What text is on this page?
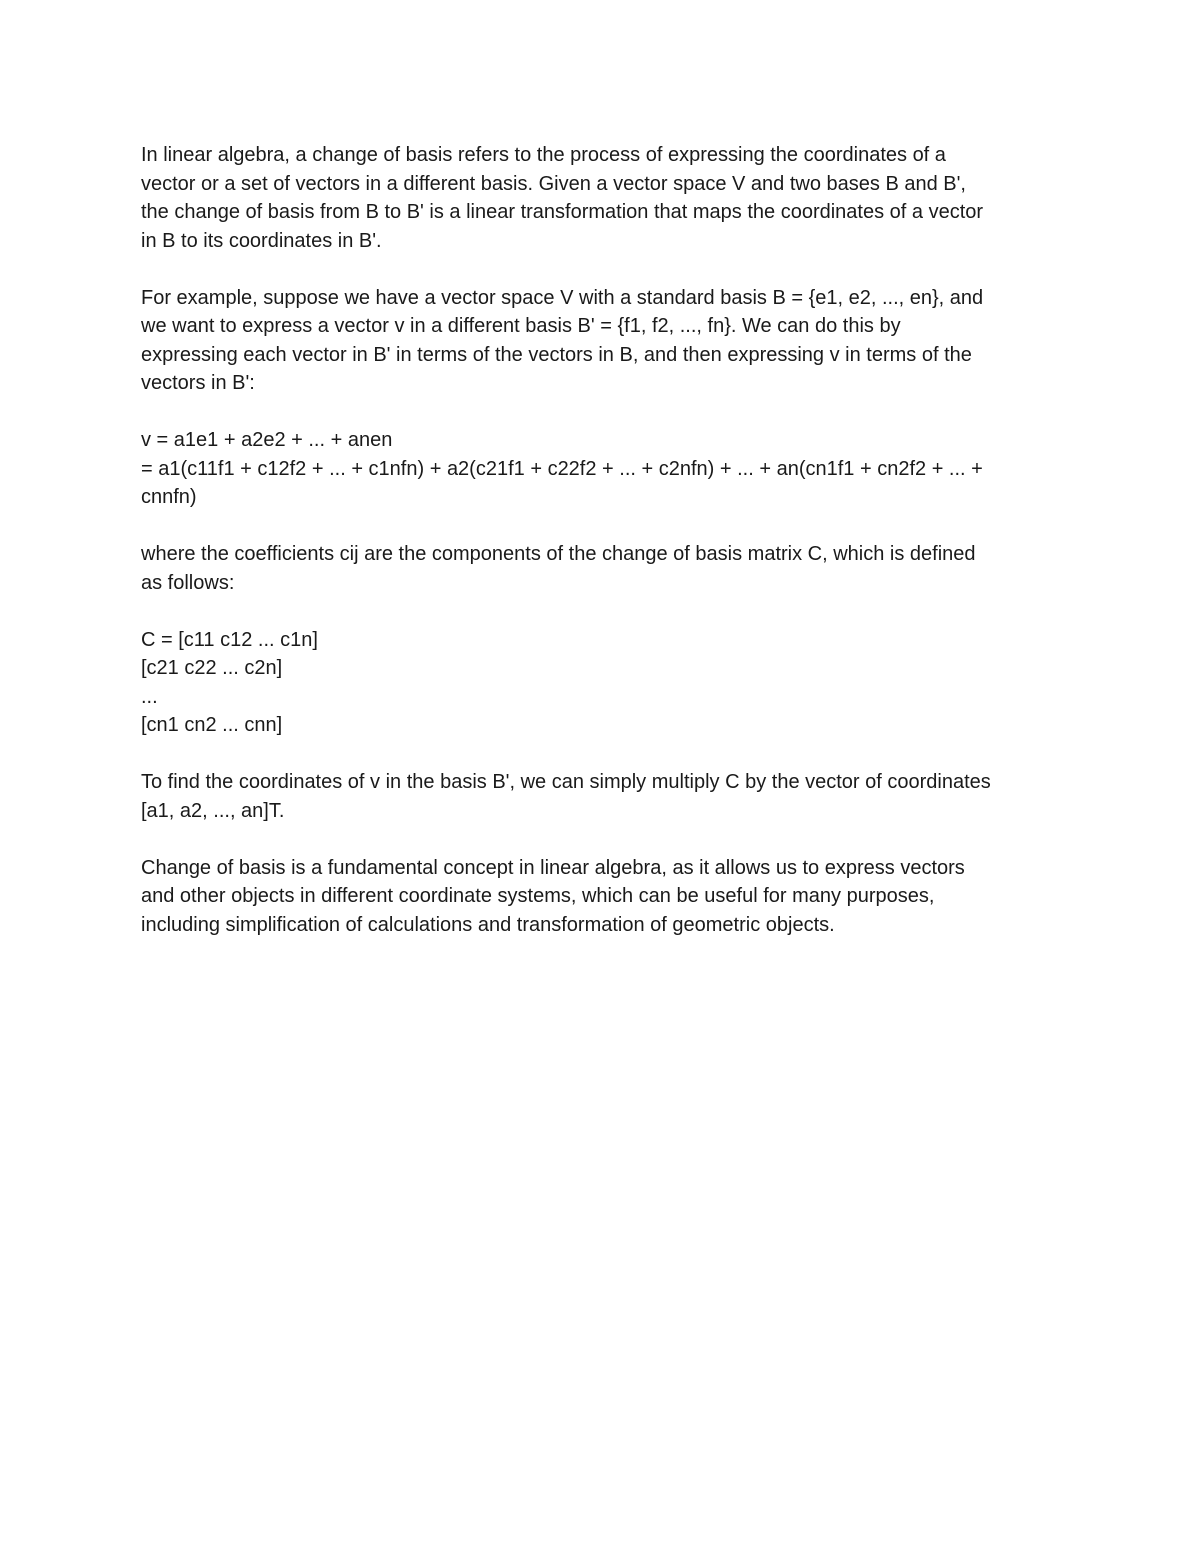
In linear algebra, a change of basis refers to the process of expressing the coordinates of a
vector or a set of vectors in a different basis. Given a vector space V and two bases B and B',
the change of basis from B to B' is a linear transformation that maps the coordinates of a vector
in B to its coordinates in B'.

For example, suppose we have a vector space V with a standard basis B = {e1, e2, ..., en}, and
we want to express a vector v in a different basis B' = {f1, f2, ..., fn}. We can do this by
expressing each vector in B' in terms of the vectors in B, and then expressing v in terms of the
vectors in B':

v = a1e1 + a2e2 + ... + anen
= a1(c11f1 + c12f2 + ... + c1nfn) + a2(c21f1 + c22f2 + ... + c2nfn) + ... + an(cn1f1 + cn2f2 + ... +
cnnfn)

where the coefficients cij are the components of the change of basis matrix C, which is defined
as follows:

C = [c11 c12 ... c1n]
[c21 c22 ... c2n]
...
[cn1 cn2 ... cnn]

To find the coordinates of v in the basis B', we can simply multiply C by the vector of coordinates
[a1, a2, ..., an]T.

Change of basis is a fundamental concept in linear algebra, as it allows us to express vectors
and other objects in different coordinate systems, which can be useful for many purposes,
including simplification of calculations and transformation of geometric objects.
